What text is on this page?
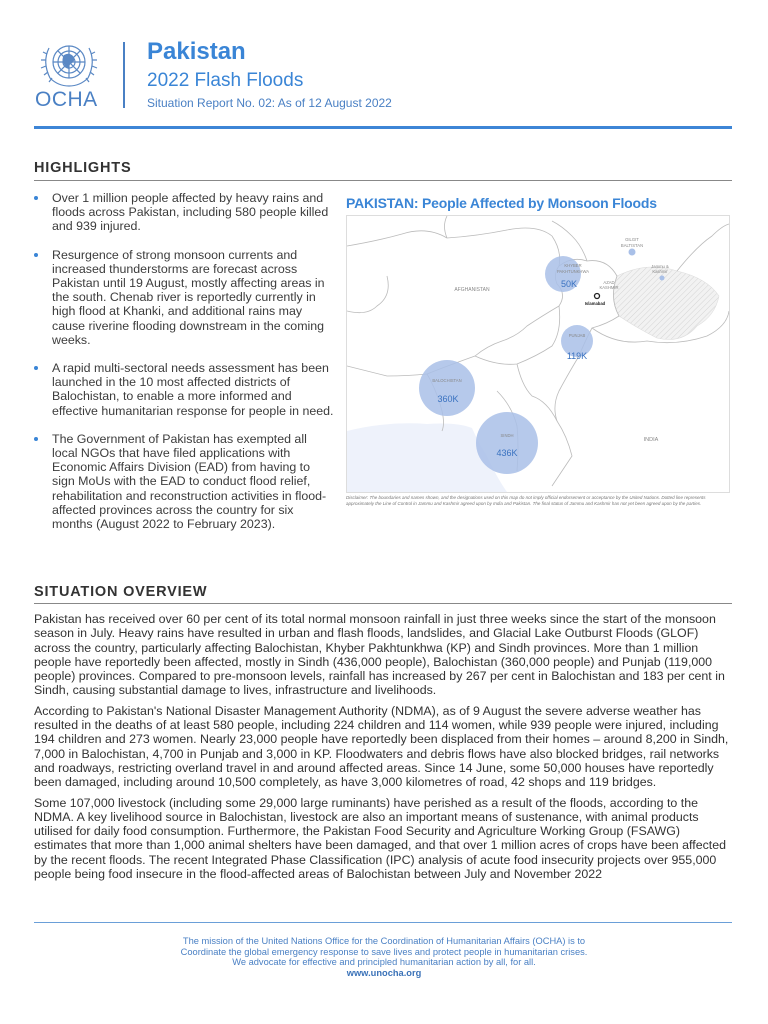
OCHA
Pakistan
2022 Flash Floods
Situation Report No. 02: As of 12 August 2022
HIGHLIGHTS
Over 1 million people affected by heavy rains and floods across Pakistan, including 580 people killed and 939 injured.
Resurgence of strong monsoon currents and increased thunderstorms are forecast across Pakistan until 19 August, mostly affecting areas in the south. Chenab river is reportedly currently in high flood at Khanki, and additional rains may cause riverine flooding downstream in the coming weeks.
A rapid multi-sectoral needs assessment has been launched in the 10 most affected districts of Balochistan, to enable a more informed and effective humanitarian response for people in need.
The Government of Pakistan has exempted all local NGOs that have filed applications with Economic Affairs Division (EAD) from having to sign MoUs with the EAD to conduct flood relief, rehabilitation and reconstruction activities in flood-affected provinces across the country for six months (August 2022 to February 2023).
PAKISTAN: People Affected by Monsoon Floods
AFGHANISTAN
INDIA
GILGIT
BALTISTAN
Jammu &
Kashmir
AZAD
KASHMIR
Islamabad
KHYBER
PAKHTUNKHWA
PUNJAB
BALOCHISTAN
SINDH
50K
119K
360K
436K
Disclaimer: The boundaries and names shown, and the designations used on this map do not imply official endorsement or acceptance by the United Nations. Dotted line represents approximately the Line of Control in Jammu and Kashmir agreed upon by India and Pakistan. The final status of Jammu and Kashmir has not yet been agreed upon by the parties.
SITUATION OVERVIEW

Pakistan has received over 60 per cent of its total normal monsoon rainfall in just three weeks since the start of the monsoon season in July. Heavy rains have resulted in urban and flash floods, landslides, and Glacial Lake Outburst Floods (GLOF) across the country, particularly affecting Balochistan, Khyber Pakhtunkhwa (KP) and Sindh provinces. More than 1 million people have reportedly been affected, mostly in Sindh (436,000 people), Balochistan (360,000 people) and Punjab (119,000 people) provinces. Compared to pre-monsoon levels, rainfall has increased by 267 per cent in Balochistan and 183 per cent in Sindh, causing substantial damage to lives, infrastructure and livelihoods.

According to Pakistan's National Disaster Management Authority (NDMA), as of 9 August the severe adverse weather has resulted in the deaths of at least 580 people, including 224 children and 114 women, while 939 people were injured, including 194 children and 273 women. Nearly 23,000 people have reportedly been displaced from their homes – around 8,200 in Sindh, 7,000 in Balochistan, 4,700 in Punjab and 3,000 in KP. Floodwaters and debris flows have also blocked bridges, rail networks and roadways, restricting overland travel in and around affected areas. Since 14 June, some 50,000 houses have reportedly been damaged, including around 10,500 completely, as have 3,000 kilometres of road, 42 shops and 119 bridges.

Some 107,000 livestock (including some 29,000 large ruminants) have perished as a result of the floods, according to the NDMA. A key livelihood source in Balochistan, livestock are also an important means of sustenance, with animal products utilised for daily food consumption. Furthermore, the Pakistan Food Security and Agriculture Working Group (FSAWG) estimates that more than 1,000 animal shelters have been damaged, and that over 1 million acres of crops have been affected by the recent floods. The recent Integrated Phase Classification (IPC) analysis of acute food insecurity projects over 955,000 people being food insecure in the flood-affected areas of Balochistan between July and November 2022

The mission of the United Nations Office for the Coordination of Humanitarian Affairs (OCHA) is to
Coordinate the global emergency response to save lives and protect people in humanitarian crises.
We advocate for effective and principled humanitarian action by all, for all.
www.unocha.org
